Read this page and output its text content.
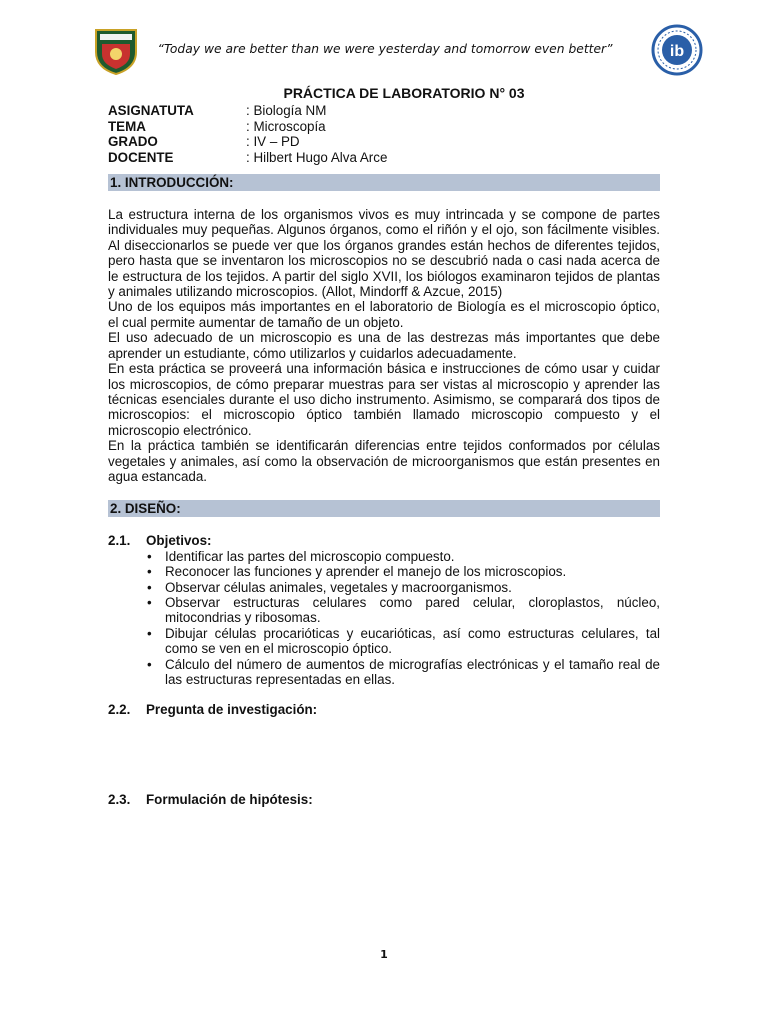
“Today we are better than we were yesterday and tomorrow even better”	ib
PRÁCTICA DE LABORATORIO N° 03
ASIGNATUTA	: Biología NM
TEMA	: Microscopía
GRADO	: IV – PD
DOCENTE	: Hilbert Hugo Alva Arce
1. INTRODUCCIÓN:

La estructura interna de los organismos vivos es muy intrincada y se compone de partes individuales muy pequeñas. Algunos órganos, como el riñón y el ojo, son fácilmente visibles. Al diseccionarlos se puede ver que los órganos grandes están hechos de diferentes tejidos, pero hasta que se inventaron los microscopios no se descubrió nada o casi nada acerca de le estructura de los tejidos. A partir del siglo XVII, los biólogos examinaron tejidos de plantas y animales utilizando microscopios. (Allot, Mindorff & Azcue, 2015)

Uno de los equipos más importantes en el laboratorio de Biología es el microscopio óptico, el cual permite aumentar de tamaño de un objeto.

El uso adecuado de un microscopio es una de las destrezas más importantes que debe aprender un estudiante, cómo utilizarlos y cuidarlos adecuadamente.

En esta práctica se proveerá una información básica e instrucciones de cómo usar y cuidar los microscopios, de cómo preparar muestras para ser vistas al microscopio y aprender las técnicas esenciales durante el uso dicho instrumento. Asimismo, se comparará dos tipos de microscopios: el microscopio óptico también llamado microscopio compuesto y el microscopio electrónico.

En la práctica también se identificarán diferencias entre tejidos conformados por células vegetales y animales, así como la observación de microorganismos que están presentes en agua estancada.

2. DISEÑO:
2.1.	Objetivos:
• Identificar las partes del microscopio compuesto.
• Reconocer las funciones y aprender el manejo de los microscopios.
• Observar células animales, vegetales y macroorganismos.
• Observar estructuras celulares como pared celular, cloroplastos, núcleo, mitocondrias y ribosomas.
• Dibujar células procarióticas y eucarióticas, así como estructuras celulares, tal como se ven en el microscopio óptico.
• Cálculo del número de aumentos de micrografías electrónicas y el tamaño real de las estructuras representadas en ellas.
2.2.	Pregunta de investigación:
2.3.	Formulación de hipótesis:
1
